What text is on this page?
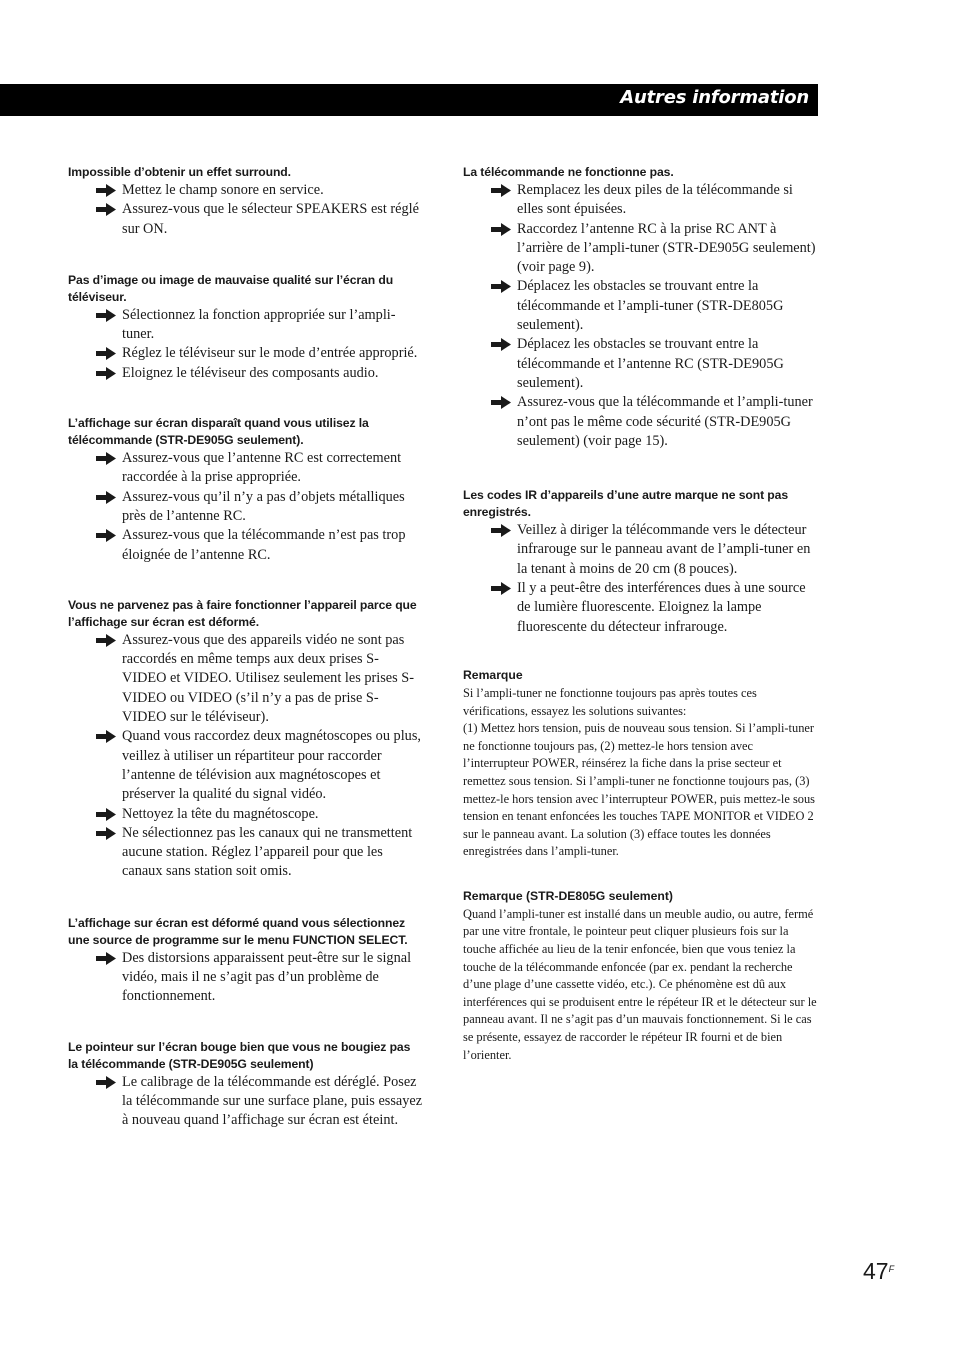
Autres information

Impossible d’obtenir un effet surround.

Mettez le champ sonore en service.
Assurez-vous que le sélecteur SPEAKERS est réglé sur ON.

Pas d’image ou image de mauvaise qualité sur l’écran du téléviseur.

Sélectionnez la fonction appropriée sur l’ampli-tuner.
Réglez le téléviseur sur le mode d’entrée approprié.
Eloignez le téléviseur des composants audio.

L’affichage sur écran disparaît quand vous utilisez la télécommande (STR-DE905G seulement).

Assurez-vous que l’antenne RC est correctement raccordée à la prise appropriée.
Assurez-vous qu’il n’y a pas d’objets métalliques près de l’antenne RC.
Assurez-vous que la télécommande n’est pas trop éloignée de l’antenne RC.

Vous ne parvenez pas à faire fonctionner l’appareil parce que l’affichage sur écran est déformé.

Assurez-vous que des appareils vidéo ne sont pas raccordés en même temps aux deux prises S-VIDEO et VIDEO. Utilisez seulement les prises S-VIDEO ou VIDEO (s’il n’y a pas de prise S-VIDEO sur le téléviseur).
Quand vous raccordez deux magnétoscopes ou plus, veillez à utiliser un répartiteur pour raccorder l’antenne de télévision aux magnétoscopes et préserver la qualité du signal vidéo.
Nettoyez la tête du magnétoscope.
Ne sélectionnez pas les canaux qui ne transmettent aucune station. Réglez l’appareil pour que les canaux sans station soit omis.

L’affichage sur écran est déformé quand vous sélectionnez une source de programme sur le menu FUNCTION SELECT.

Des distorsions apparaissent peut-être sur le signal vidéo, mais il ne s’agit pas d’un problème de fonctionnement.

Le pointeur sur l’écran bouge bien que vous ne bougiez pas la télécommande (STR-DE905G seulement)

Le calibrage de la télécommande est déréglé. Posez la télécommande sur une surface plane, puis essayez à nouveau quand l’affichage sur écran est éteint.

La télécommande ne fonctionne pas.

Remplacez les deux piles de la télécommande si elles sont épuisées.
Raccordez l’antenne RC à la prise RC ANT à l’arrière de l’ampli-tuner (STR-DE905G seulement) (voir page 9).
Déplacez les obstacles se trouvant entre la télécommande et l’ampli-tuner (STR-DE805G seulement).
Déplacez les obstacles se trouvant entre la télécommande et l’antenne RC (STR-DE905G seulement).
Assurez-vous que la télécommande et l’ampli-tuner n’ont pas le même code sécurité (STR-DE905G seulement) (voir page 15).

Les codes IR d’appareils d’une autre marque ne sont pas enregistrés.

Veillez à diriger la télécommande vers le détecteur infrarouge sur le panneau avant de l’ampli-tuner en la tenant à moins de 20 cm (8 pouces).
Il y a peut-être des interférences dues à une source de lumière fluorescente. Eloignez la lampe fluorescente du détecteur infrarouge.

Remarque

Si l’ampli-tuner ne fonctionne toujours pas après toutes ces vérifications, essayez les solutions suivantes:
(1) Mettez hors tension, puis de nouveau sous tension. Si l’ampli-tuner ne fonctionne toujours pas, (2) mettez-le hors tension avec l’interrupteur POWER, réinsérez la fiche dans la prise secteur et remettez sous tension. Si l’ampli-tuner ne fonctionne toujours pas, (3) mettez-le hors tension avec l’interrupteur POWER, puis mettez-le sous tension en tenant enfoncées les touches TAPE MONITOR et VIDEO 2 sur le panneau avant. La solution (3) efface toutes les données enregistrées dans l’ampli-tuner.

Remarque (STR-DE805G seulement)

Quand l’ampli-tuner est installé dans un meuble audio, ou autre, fermé par une vitre frontale, le pointeur peut cliquer plusieurs fois sur la touche affichée au lieu de la tenir enfoncée, bien que vous teniez la touche de la télécommande enfoncée (par ex. pendant la recherche d’une plage d’une cassette vidéo, etc.). Ce phénomène est dû aux interférences qui se produisent entre le répéteur IR et le détecteur sur le panneau avant. Il ne s’agit pas d’un mauvais fonctionnement. Si le cas se présente, essayez de raccorder le répéteur IR fourni et de bien l’orienter.

$47^F$
